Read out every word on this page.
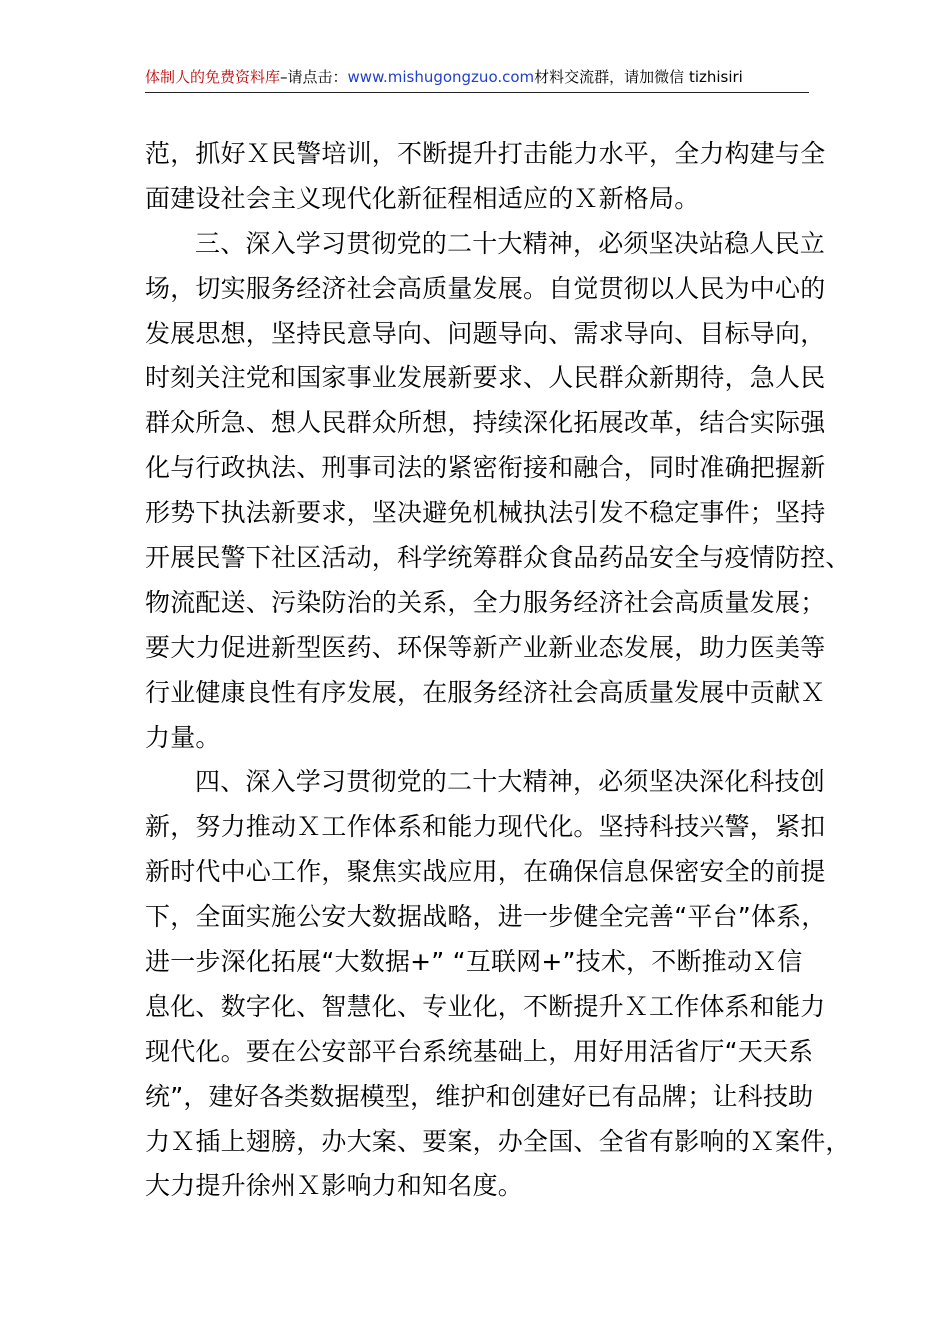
体制人的免费资料库–请点击：www.mishugongzuo.com材料交流群，请加微信 tizhisiri

范，抓好Ｘ民警培训，不断提升打击能力水平，全力构建与全
面建设社会主义现代化新征程相适应的Ｘ新格局。

三、深入学习贯彻党的二十大精神，必须坚决站稳人民立
场，切实服务经济社会高质量发展。自觉贯彻以人民为中心的
发展思想，坚持民意导向、问题导向、需求导向、目标导向，
时刻关注党和国家事业发展新要求、人民群众新期待，急人民
群众所急、想人民群众所想，持续深化拓展改革，结合实际强
化与行政执法、刑事司法的紧密衔接和融合，同时准确把握新
形势下执法新要求，坚决避免机械执法引发不稳定事件；坚持
开展民警下社区活动，科学统筹群众食品药品安全与疫情防控、
物流配送、污染防治的关系，全力服务经济社会高质量发展；
要大力促进新型医药、环保等新产业新业态发展，助力医美等
行业健康良性有序发展，在服务经济社会高质量发展中贡献Ｘ
力量。

四、深入学习贯彻党的二十大精神，必须坚决深化科技创
新，努力推动Ｘ工作体系和能力现代化。坚持科技兴警，紧扣
新时代中心工作，聚焦实战应用，在确保信息保密安全的前提
下，全面实施公安大数据战略，进一步健全完善“平台”体系，
进一步深化拓展“大数据+” “互联网+”技术，不断推动Ｘ信
息化、数字化、智慧化、专业化，不断提升Ｘ工作体系和能力
现代化。要在公安部平台系统基础上，用好用活省厅“天天系
统”，建好各类数据模型，维护和创建好已有品牌；让科技助
力Ｘ插上翅膀，办大案、要案，办全国、全省有影响的Ｘ案件，
大力提升徐州Ｘ影响力和知名度。
